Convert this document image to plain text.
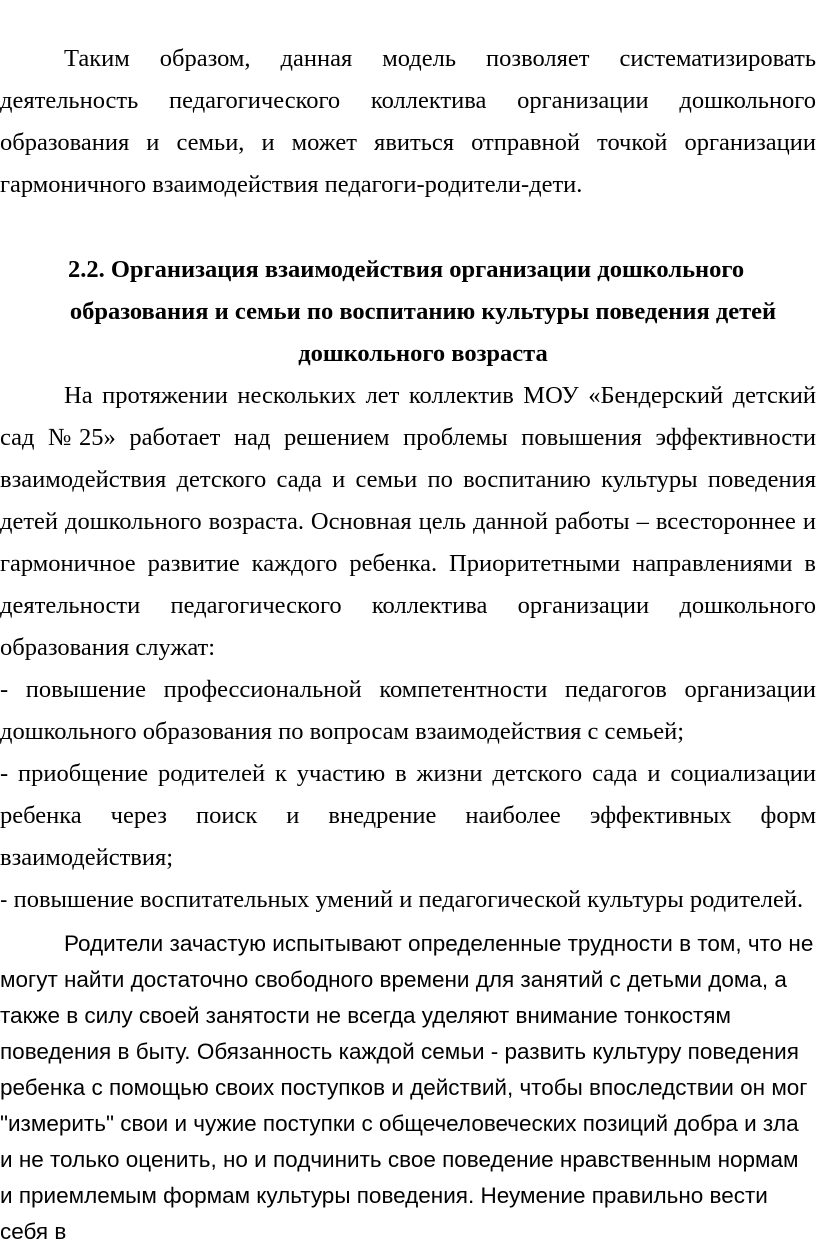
Таким образом, данная модель позволяет систематизировать
деятельность педагогического коллектива организации дошкольного
образования и семьи, и может явиться отправной точкой организации
гармоничного взаимодействия педагоги-родители-дети.
2.2. Организация взаимодействия организации дошкольного
образования и семьи по воспитанию культуры поведения детей
дошкольного возраста
На протяжении нескольких лет коллектив МОУ «Бендерский детский
сад №25» работает над решением проблемы повышения эффективности
взаимодействия детского сада и семьи по воспитанию культуры поведения
детей дошкольного возраста. Основная цель данной работы – всестороннее и
гармоничное развитие каждого ребенка. Приоритетными направлениями в
деятельности педагогического коллектива организации дошкольного
образования служат:
- повышение профессиональной компетентности педагогов организации
дошкольного образования по вопросам взаимодействия с семьей;
- приобщение родителей к участию в жизни детского сада и социализации
ребенка через поиск и внедрение наиболее эффективных форм
взаимодействия;
- повышение воспитательных умений и педагогической культуры родителей.
Родители зачастую испытывают определенные трудности в том, что не
могут найти достаточно свободного времени для занятий с детьми дома, а
также в силу своей занятости не всегда уделяют внимание тонкостям
поведения в быту. Обязанность каждой семьи - развить культуру поведения
ребенка с помощью своих поступков и действий, чтобы впоследствии он мог
"измерить" свои и чужие поступки с общечеловеческих позиций добра и зла
и не только оценить, но и подчинить свое поведение нравственным нормам
и приемлемым формам культуры поведения. Неумение правильно вести
себя в
